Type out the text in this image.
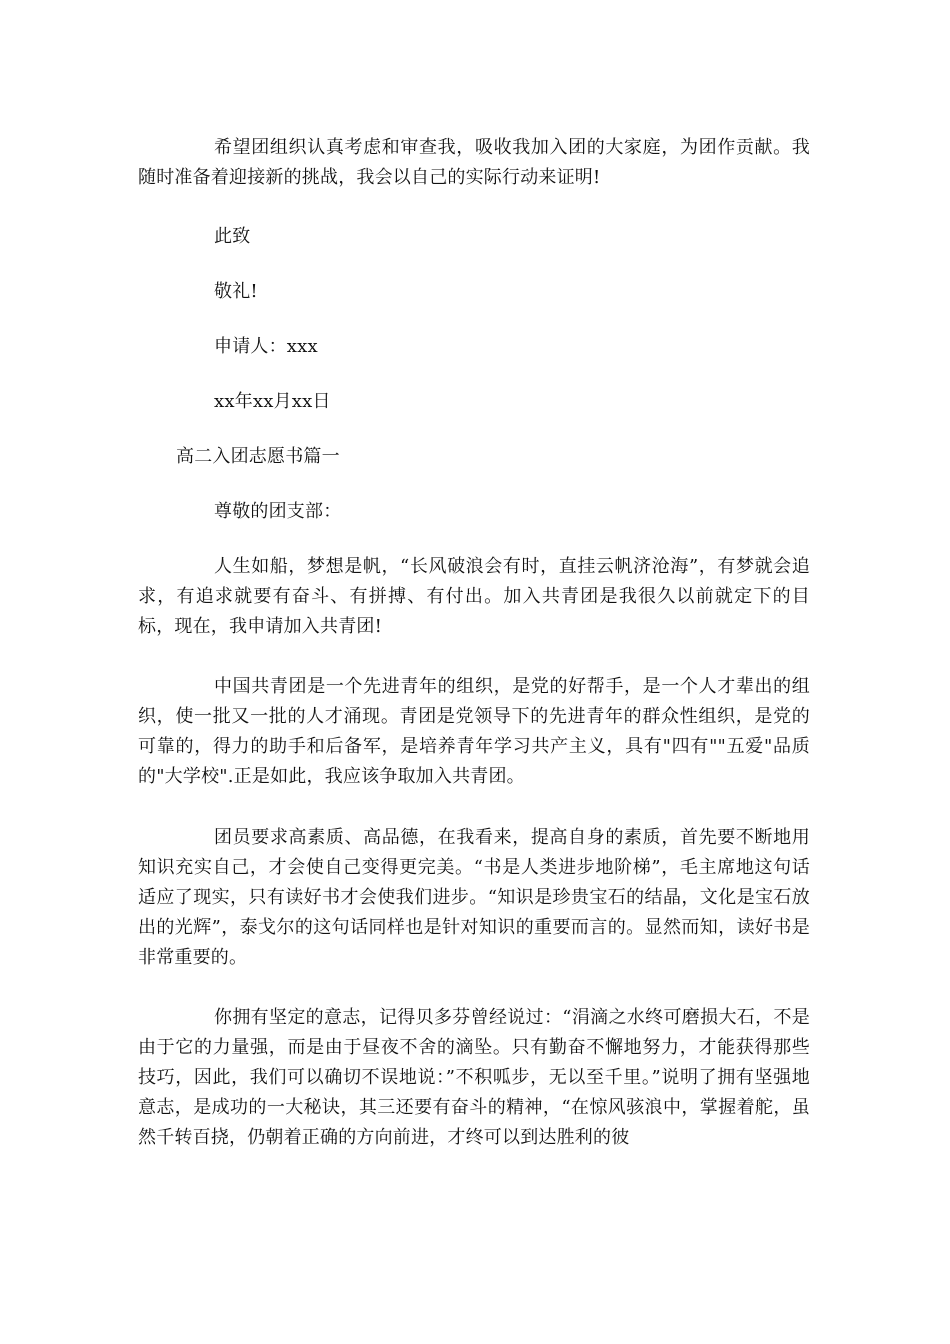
希望团组织认真考虑和审查我，吸收我加入团的大家庭，为团作贡献。我随时准备着迎接新的挑战，我会以自己的实际行动来证明!

此致

敬礼!

申请人：xxx

xx年xx月xx日

高二入团志愿书篇一

尊敬的团支部：

人生如船，梦想是帆，“长风破浪会有时，直挂云帆济沧海”，有梦就会追求，有追求就要有奋斗、有拼搏、有付出。加入共青团是我很久以前就定下的目标，现在，我申请加入共青团!

中国共青团是一个先进青年的组织，是党的好帮手，是一个人才辈出的组织，使一批又一批的人才涌现。青团是党领导下的先进青年的群众性组织，是党的可靠的，得力的助手和后备军，是培养青年学习共产主义，具有"四有""五爱"品质的"大学校".正是如此，我应该争取加入共青团。

团员要求高素质、高品德，在我看来，提高自身的素质，首先要不断地用知识充实自己，才会使自己变得更完美。“书是人类进步地阶梯”，毛主席地这句话适应了现实，只有读好书才会使我们进步。“知识是珍贵宝石的结晶，文化是宝石放出的光辉”，泰戈尔的这句话同样也是针对知识的重要而言的。显然而知，读好书是非常重要的。

你拥有坚定的意志，记得贝多芬曾经说过：“涓滴之水终可磨损大石，不是由于它的力量强，而是由于昼夜不舍的滴坠。只有勤奋不懈地努力，才能获得那些技巧，因此，我们可以确切不误地说：”不积呱步，无以至千里。”说明了拥有坚强地意志，是成功的一大秘诀，其三还要有奋斗的精神，“在惊风骇浪中，掌握着舵，虽然千转百挠，仍朝着正确的方向前进，才终可以到达胜利的彼
